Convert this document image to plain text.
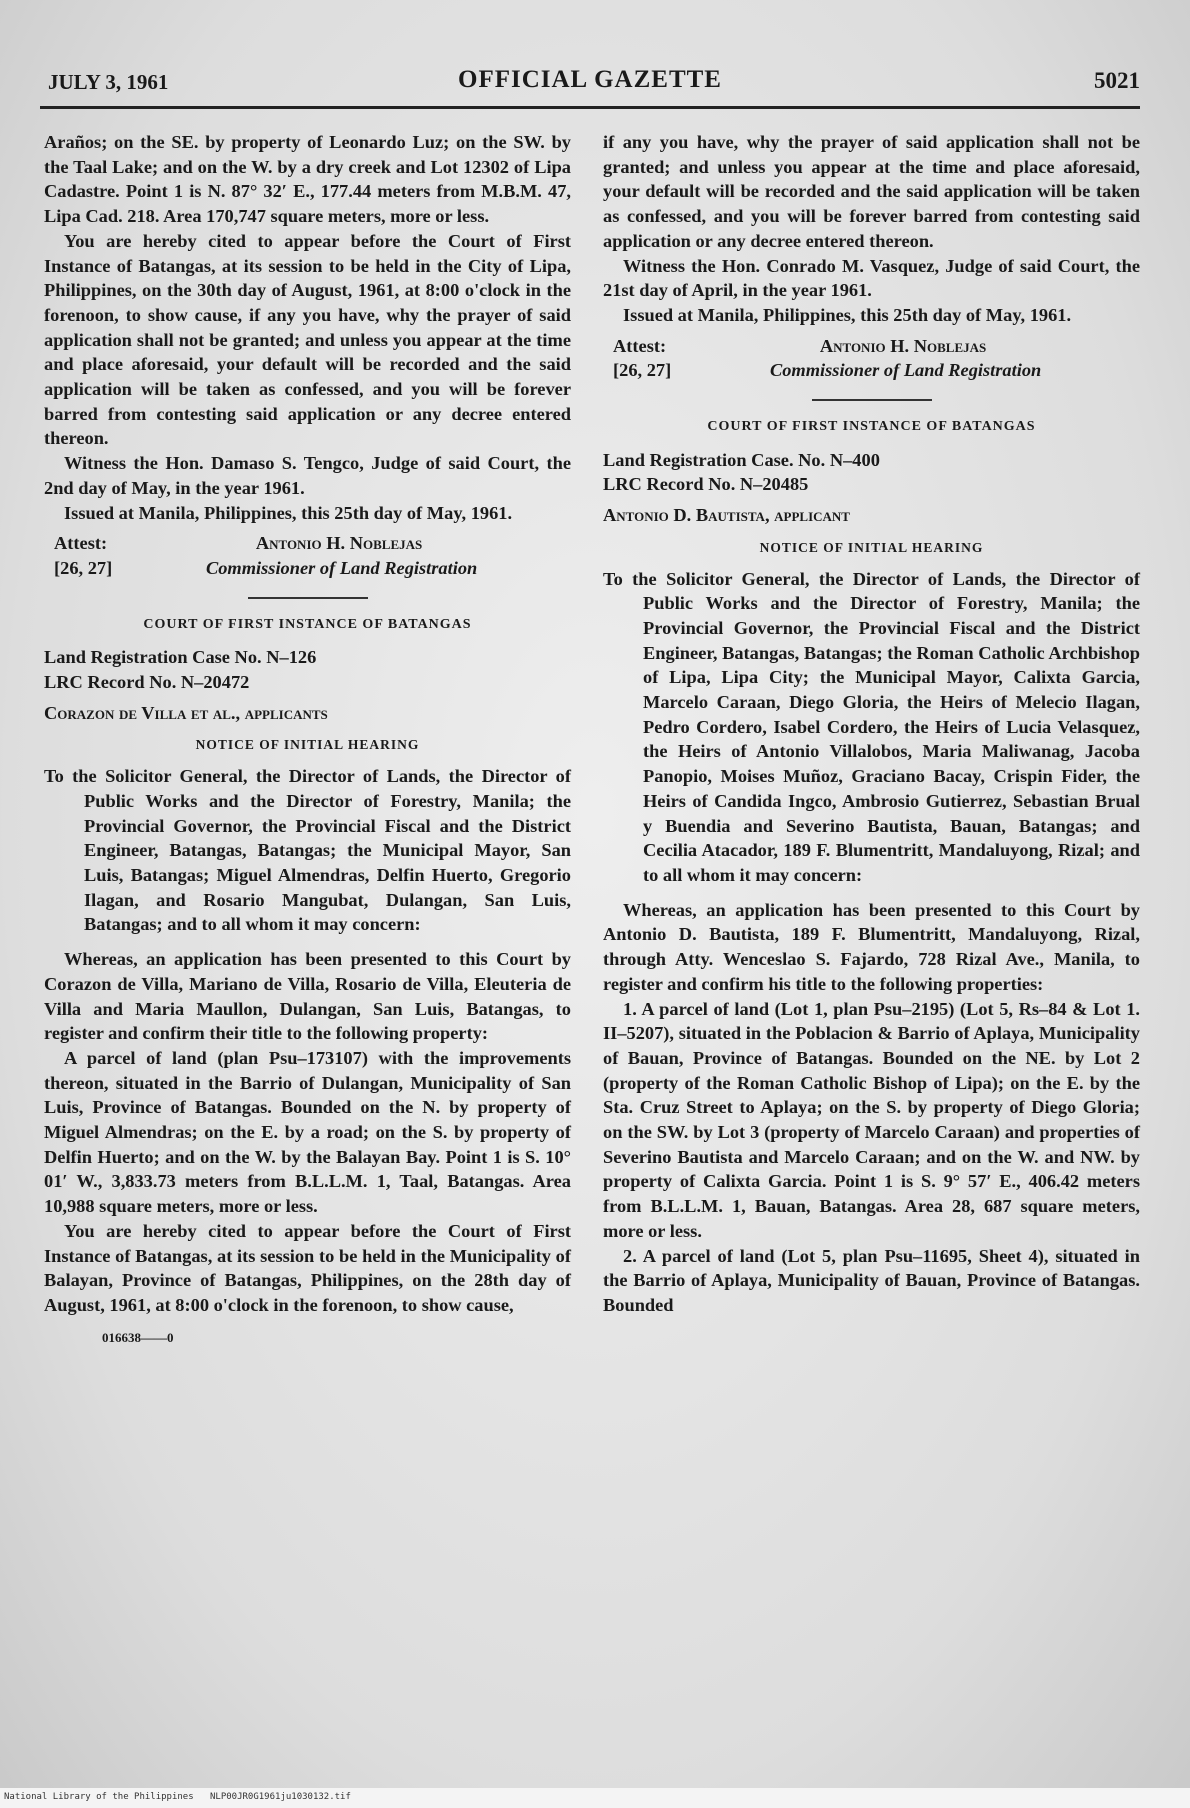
JULY 3, 1961	OFFICIAL GAZETTE	5021

Araños; on the SE. by property of Leonardo Luz; on the SW. by the Taal Lake; and on the W. by a dry creek and Lot 12302 of Lipa Cadastre. Point 1 is N. 87° 32′ E., 177.44 meters from M.B.M. 47, Lipa Cad. 218. Area 170,747 square meters, more or less.

You are hereby cited to appear before the Court of First Instance of Batangas, at its session to be held in the City of Lipa, Philippines, on the 30th day of August, 1961, at 8:00 o'clock in the forenoon, to show cause, if any you have, why the prayer of said application shall not be granted; and unless you appear at the time and place aforesaid, your default will be recorded and the said application will be taken as confessed, and you will be forever barred from contesting said application or any decree entered thereon.

Witness the Hon. Damaso S. Tengco, Judge of said Court, the 2nd day of May, in the year 1961.

Issued at Manila, Philippines, this 25th day of May, 1961.

Attest:	Antonio H. Noblejas
[26, 27]	Commissioner of Land Registration
COURT OF FIRST INSTANCE OF BATANGAS

Land Registration Case No. N–126

LRC Record No. N–20472

Corazon de Villa et al., applicants

NOTICE OF INITIAL HEARING

To the Solicitor General, the Director of Lands, the Director of Public Works and the Director of Forestry, Manila; the Provincial Governor, the Provincial Fiscal and the District Engineer, Batangas, Batangas; the Municipal Mayor, San Luis, Batangas; Miguel Almendras, Delfin Huerto, Gregorio Ilagan, and Rosario Mangubat, Dulangan, San Luis, Batangas; and to all whom it may concern:

Whereas, an application has been presented to this Court by Corazon de Villa, Mariano de Villa, Rosario de Villa, Eleuteria de Villa and Maria Maullon, Dulangan, San Luis, Batangas, to register and confirm their title to the following property:

A parcel of land (plan Psu–173107) with the improvements thereon, situated in the Barrio of Dulangan, Municipality of San Luis, Province of Batangas. Bounded on the N. by property of Miguel Almendras; on the E. by a road; on the S. by property of Delfin Huerto; and on the W. by the Balayan Bay. Point 1 is S. 10° 01′ W., 3,833.73 meters from B.L.L.M. 1, Taal, Batangas. Area 10,988 square meters, more or less.

You are hereby cited to appear before the Court of First Instance of Batangas, at its session to be held in the Municipality of Balayan, Province of Batangas, Philippines, on the 28th day of August, 1961, at 8:00 o'clock in the forenoon, to show cause,

016638——0

if any you have, why the prayer of said application shall not be granted; and unless you appear at the time and place aforesaid, your default will be recorded and the said application will be taken as confessed, and you will be forever barred from contesting said application or any decree entered thereon.

Witness the Hon. Conrado M. Vasquez, Judge of said Court, the 21st day of April, in the year 1961.

Issued at Manila, Philippines, this 25th day of May, 1961.

Attest:	Antonio H. Noblejas
[26, 27]	Commissioner of Land Registration
COURT OF FIRST INSTANCE OF BATANGAS

Land Registration Case. No. N–400

LRC Record No. N–20485

Antonio D. Bautista, applicant

NOTICE OF INITIAL HEARING

To the Solicitor General, the Director of Lands, the Director of Public Works and the Director of Forestry, Manila; the Provincial Governor, the Provincial Fiscal and the District Engineer, Batangas, Batangas; the Roman Catholic Archbishop of Lipa, Lipa City; the Municipal Mayor, Calixta Garcia, Marcelo Caraan, Diego Gloria, the Heirs of Melecio Ilagan, Pedro Cordero, Isabel Cordero, the Heirs of Lucia Velasquez, the Heirs of Antonio Villalobos, Maria Maliwanag, Jacoba Panopio, Moises Muñoz, Graciano Bacay, Crispin Fider, the Heirs of Candida Ingco, Ambrosio Gutierrez, Sebastian Brual y Buendia and Severino Bautista, Bauan, Batangas; and Cecilia Atacador, 189 F. Blumentritt, Mandaluyong, Rizal; and to all whom it may concern:

Whereas, an application has been presented to this Court by Antonio D. Bautista, 189 F. Blumentritt, Mandaluyong, Rizal, through Atty. Wenceslao S. Fajardo, 728 Rizal Ave., Manila, to register and confirm his title to the following properties:

1. A parcel of land (Lot 1, plan Psu–2195) (Lot 5, Rs–84 & Lot 1. II–5207), situated in the Poblacion & Barrio of Aplaya, Municipality of Bauan, Province of Batangas. Bounded on the NE. by Lot 2 (property of the Roman Catholic Bishop of Lipa); on the E. by the Sta. Cruz Street to Aplaya; on the S. by property of Diego Gloria; on the SW. by Lot 3 (property of Marcelo Caraan) and properties of Severino Bautista and Marcelo Caraan; and on the W. and NW. by property of Calixta Garcia. Point 1 is S. 9° 57′ E., 406.42 meters from B.L.L.M. 1, Bauan, Batangas. Area 28, 687 square meters, more or less.

2. A parcel of land (Lot 5, plan Psu–11695, Sheet 4), situated in the Barrio of Aplaya, Municipality of Bauan, Province of Batangas. Bounded

National Library of the Philippines NLP00JR0G1961ju1030132.tif
